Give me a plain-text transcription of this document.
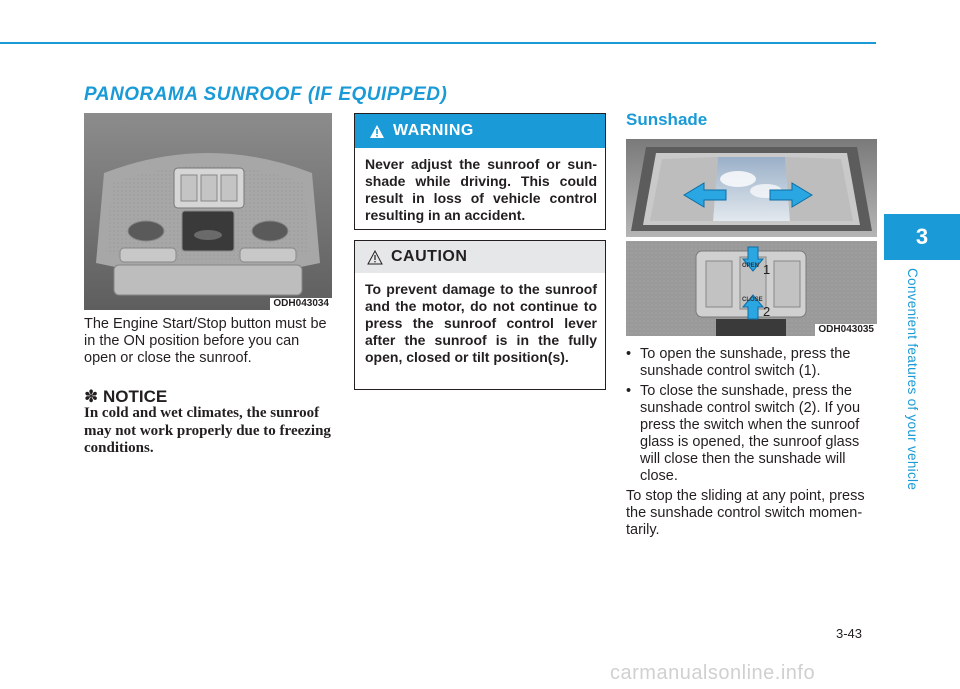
PANORAMA SUNROOF (IF EQUIPPED)
ODH043034
The Engine Start/Stop button must be in the ON position before you can open or close the sunroof.
✽ NOTICE
In cold and wet climates, the sunroof may not work properly due to freezing conditions.
WARNING
Never adjust the sunroof or sunshade while driving. This could result in loss of vehicle control resulting in an accident.
CAUTION
To prevent damage to the sunroof and the motor, do not continue to press the sunroof control lever after the sunroof is in the fully open, closed or tilt position(s).
Sunshade
OPEN
CLOSE
1
2
ODH043035
• To open the sunshade, press the sunshade control switch (1).
• To close the sunshade, press the sunshade control switch (2). If you press the switch when the sunroof glass is opened, the sunroof glass will close then the sunshade will close.
To stop the sliding at any point, press the sunshade control switch momentarily.
3
Convenient features of your vehicle
3-43
carmanualsonline.info
